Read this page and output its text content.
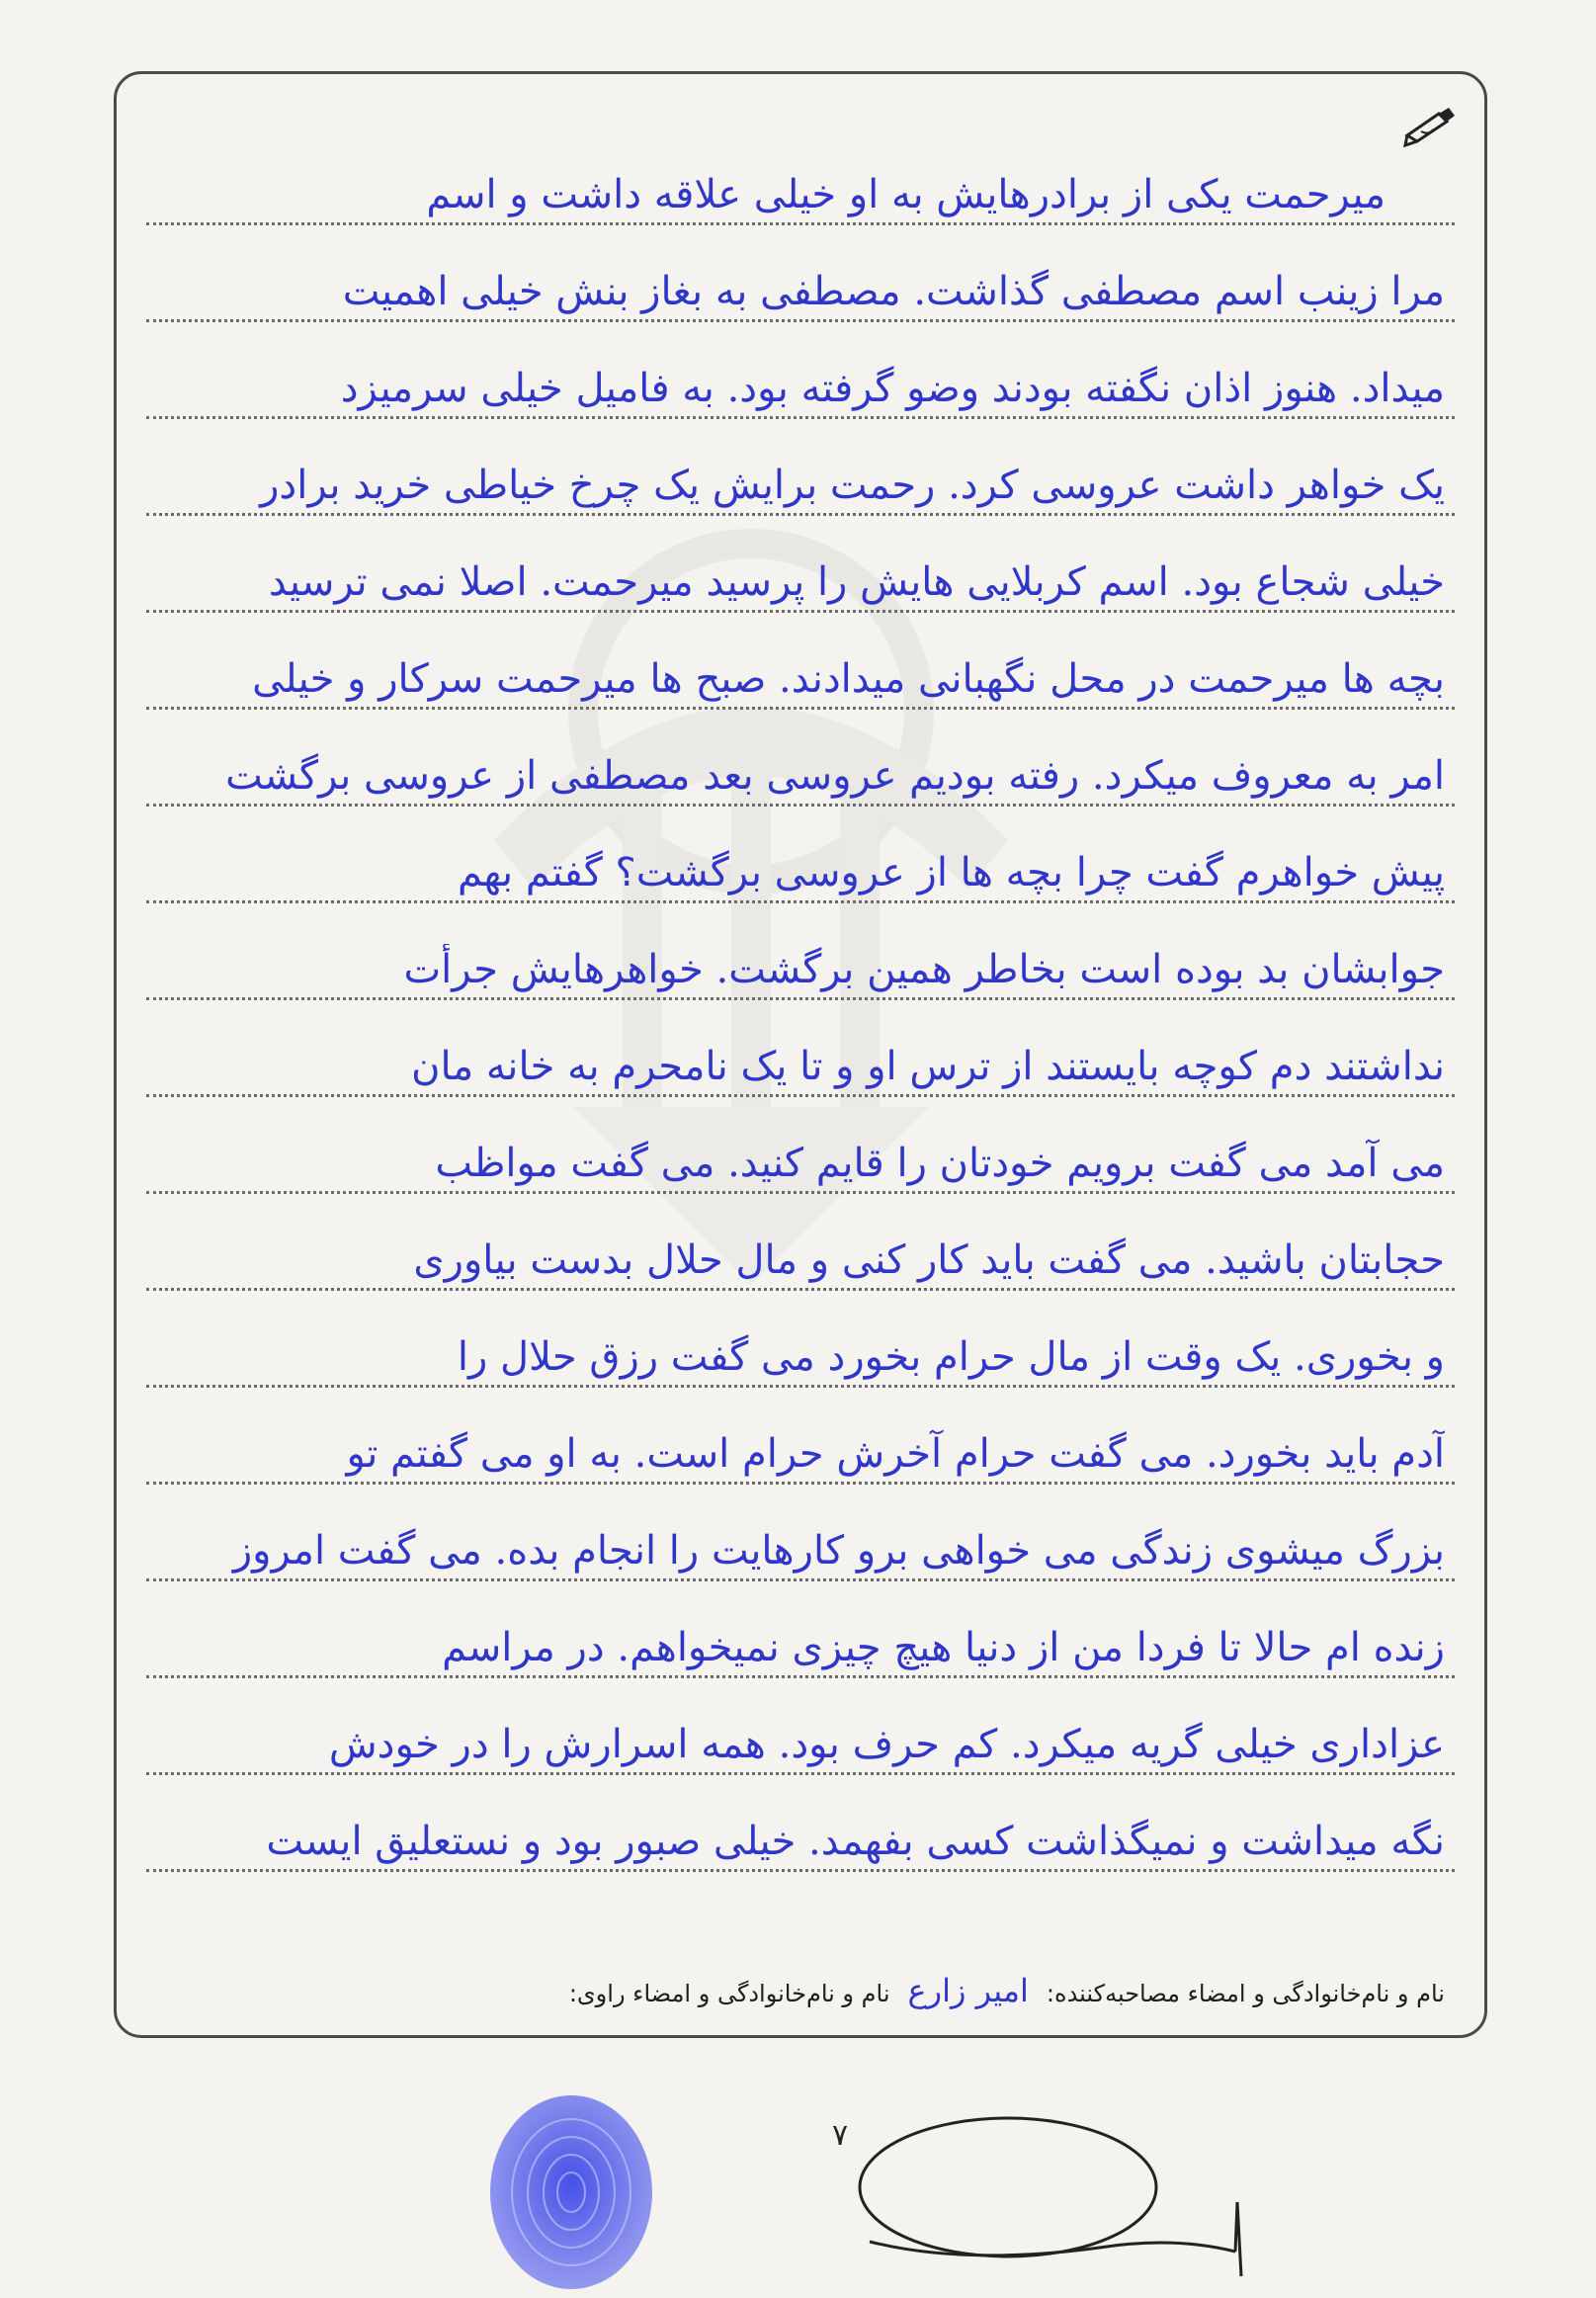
میرحمت یکی از برادرهایش به او خیلی علاقه داشت و اسم
مرا زینب اسم مصطفی گذاشت. مصطفی به بغاز بنش خیلی اهمیت
میداد. هنوز اذان نگفته بودند وضو گرفته بود. به فامیل خیلی سرمیزد
یک خواهر داشت عروسی کرد. رحمت برایش یک چرخ خیاطی خرید برادر
خیلی شجاع بود. اسم کربلایی هایش را پرسید میرحمت. اصلا نمی ترسید
بچه ها میرحمت در محل نگهبانی میدادند. صبح ها میرحمت سرکار و خیلی
امر به معروف میکرد. رفته بودیم عروسی بعد مصطفی از عروسی برگشت
پیش خواهرم گفت چرا بچه ها از عروسی برگشت؟ گفتم بهم
جوابشان بد بوده است بخاطر همین برگشت. خواهرهایش جرأت
نداشتند دم کوچه بایستند از ترس او و تا یک نامحرم به خانه مان
می آمد می گفت برویم خودتان را قایم کنید. می گفت مواظب
حجابتان باشید. می گفت باید کار کنی و مال حلال بدست بیاوری
و بخوری. یک وقت از مال حرام بخورد می گفت رزق حلال را
آدم باید بخورد. می گفت حرام آخرش حرام است. به او می گفتم تو
بزرگ میشوی زندگی می خواهی برو کارهایت را انجام بده. می گفت امروز
زنده ام حالا تا فردا من از دنیا هیچ چیزی نمیخواهم. در مراسم
عزاداری خیلی گریه میکرد. کم حرف بود. همه اسرارش را در خودش
نگه میداشت و نمیگذاشت کسی بفهمد. خیلی صبور بود و نستعلیق ایست
نام و نام‌خانوادگی و امضاء مصاحبه‌کننده:
امیر زارع
نام و نام‌خانوادگی و امضاء راوی:
۷
